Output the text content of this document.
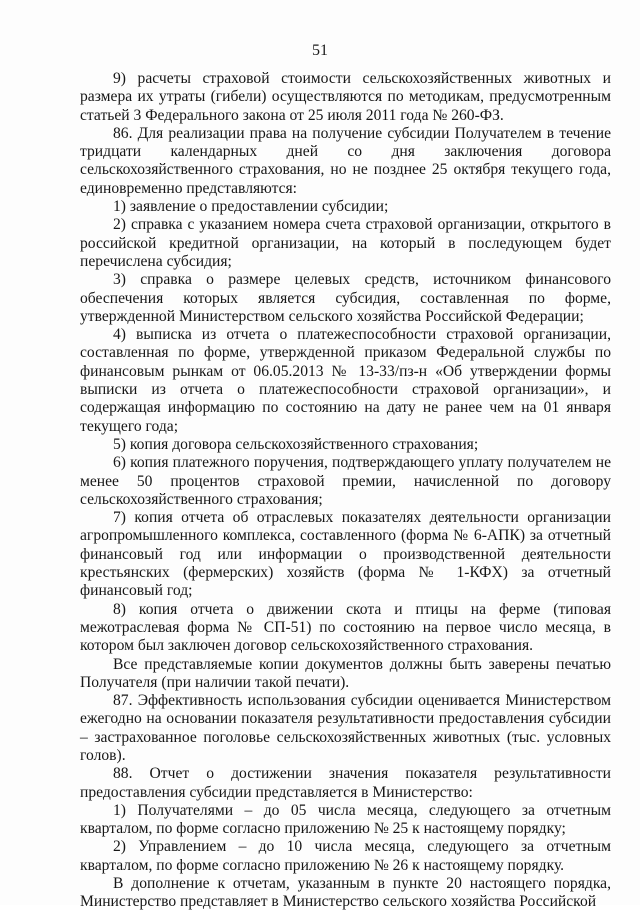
51

9) расчеты страховой стоимости сельскохозяйственных животных и размера их утраты (гибели) осуществляются по методикам, предусмотренным статьей 3 Федерального закона от 25 июля 2011 года № 260-ФЗ.

86. Для реализации права на получение субсидии Получателем в течение тридцати календарных дней со дня заключения договора сельскохозяйственного страхования, но не позднее 25 октября текущего года, единовременно представляются:

1) заявление о предоставлении субсидии;

2) справка с указанием номера счета страховой организации, открытого в российской кредитной организации, на который в последующем будет перечислена субсидия;

3) справка о размере целевых средств, источником финансового обеспечения которых является субсидия, составленная по форме, утвержденной Министерством сельского хозяйства Российской Федерации;

4) выписка из отчета о платежеспособности страховой организации, составленная по форме, утвержденной приказом Федеральной службы по финансовым рынкам от 06.05.2013 № 13-33/пз-н «Об утверждении формы выписки из отчета о платежеспособности страховой организации», и содержащая информацию по состоянию на дату не ранее чем на 01 января текущего года;

5) копия договора сельскохозяйственного страхования;

6) копия платежного поручения, подтверждающего уплату получателем не менее 50 процентов страховой премии, начисленной по договору сельскохозяйственного страхования;

7) копия отчета об отраслевых показателях деятельности организации агропромышленного комплекса, составленного (форма № 6-АПК) за отчетный финансовый год или информации о производственной деятельности крестьянских (фермерских) хозяйств (форма № 1-КФХ) за отчетный финансовый год;

8) копия отчета о движении скота и птицы на ферме (типовая межотраслевая форма № СП-51) по состоянию на первое число месяца, в котором был заключен договор сельскохозяйственного страхования.

Все представляемые копии документов должны быть заверены печатью Получателя (при наличии такой печати).

87. Эффективность использования субсидии оценивается Министерством ежегодно на основании показателя результативности предоставления субсидии – застрахованное поголовье сельскохозяйственных животных (тыс. условных голов).

88. Отчет о достижении значения показателя результативности предоставления субсидии представляется в Министерство:

1) Получателями – до 05 числа месяца, следующего за отчетным кварталом, по форме согласно приложению № 25 к настоящему порядку;

2) Управлением – до 10 числа месяца, следующего за отчетным кварталом, по форме согласно приложению № 26 к настоящему порядку.

В дополнение к отчетам, указанным в пункте 20 настоящего порядка, Министерство представляет в Министерство сельского хозяйства Российской
